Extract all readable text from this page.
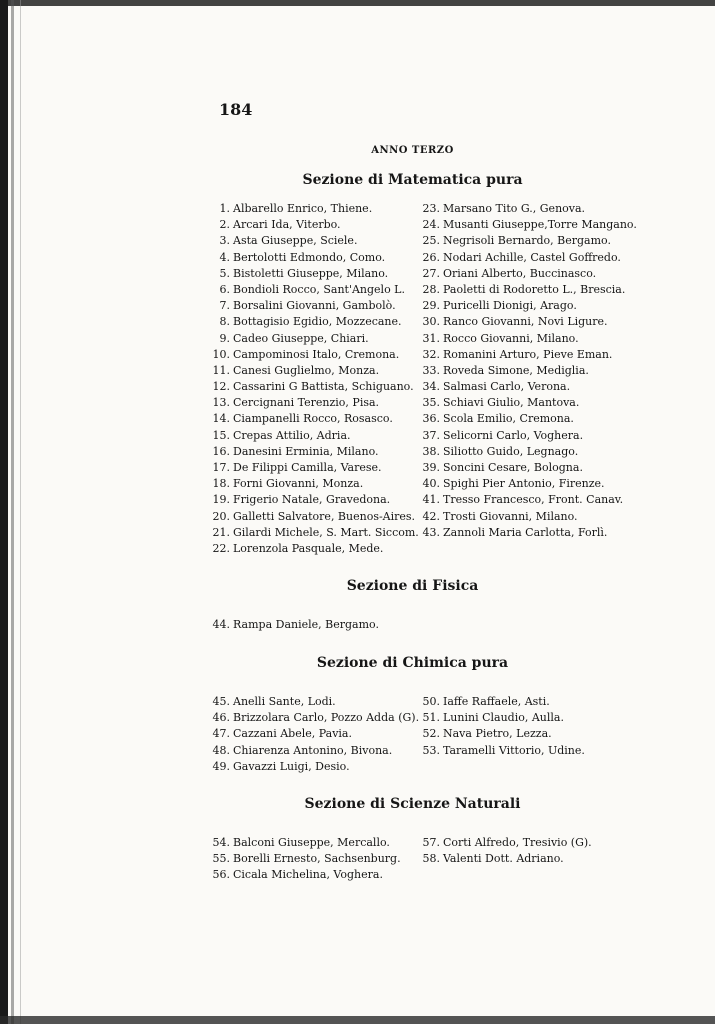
184
ANNO TERZO
Sezione di Matematica pura
1. Albarello Enrico, Thiene.
2. Arcari Ida, Viterbo.
3. Asta Giuseppe, Sciele.
4. Bertolotti Edmondo, Como.
5. Bistoletti Giuseppe, Milano.
6. Bondioli Rocco, Sant'Angelo L.
7. Borsalini Giovanni, Gambolò.
8. Bottagisio Egidio, Mozzecane.
9. Cadeo Giuseppe, Chiari.
10. Campominosi Italo, Cremona.
11. Canesi Guglielmo, Monza.
12. Cassarini G Battista, Schiguano.
13. Cercignani Terenzio, Pisa.
14. Ciampanelli Rocco, Rosasco.
15. Crepas Attilio, Adria.
16. Danesini Erminia, Milano.
17. De Filippi Camilla, Varese.
18. Forni Giovanni, Monza.
19. Frigerio Natale, Gravedona.
20. Galletti Salvatore, Buenos-Aires.
21. Gilardi Michele, S. Mart. Siccom.
22. Lorenzola Pasquale, Mede.
23. Marsano Tito G., Genova.
24. Musanti Giuseppe,Torre Mangano.
25. Negrisoli Bernardo, Bergamo.
26. Nodari Achille, Castel Goffredo.
27. Oriani Alberto, Buccinasco.
28. Paoletti di Rodoretto L., Brescia.
29. Puricelli Dionigi, Arago.
30. Ranco Giovanni, Novi Ligure.
31. Rocco Giovanni, Milano.
32. Romanini Arturo, Pieve Eman.
33. Roveda Simone, Mediglia.
34. Salmasi Carlo, Verona.
35. Schiavi Giulio, Mantova.
36. Scola Emilio, Cremona.
37. Selicorni Carlo, Voghera.
38. Siliotto Guido, Legnago.
39. Soncini Cesare, Bologna.
40. Spighi Pier Antonio, Firenze.
41. Tresso Francesco, Front. Canav.
42. Trosti Giovanni, Milano.
43. Zannoli Maria Carlotta, Forlì.
Sezione di Fisica
44. Rampa Daniele, Bergamo.
Sezione di Chimica pura
45. Anelli Sante, Lodi.
46. Brizzolara Carlo, Pozzo Adda (G).
47. Cazzani Abele, Pavia.
48. Chiarenza Antonino, Bivona.
49. Gavazzi Luigi, Desio.
50. Iaffe Raffaele, Asti.
51. Lunini Claudio, Aulla.
52. Nava Pietro, Lezza.
53. Taramelli Vittorio, Udine.
Sezione di Scienze Naturali
54. Balconi Giuseppe, Mercallo.
55. Borelli Ernesto, Sachsenburg.
56. Cicala Michelina, Voghera.
57. Corti Alfredo, Tresivio (G).
58. Valenti Dott. Adriano.
